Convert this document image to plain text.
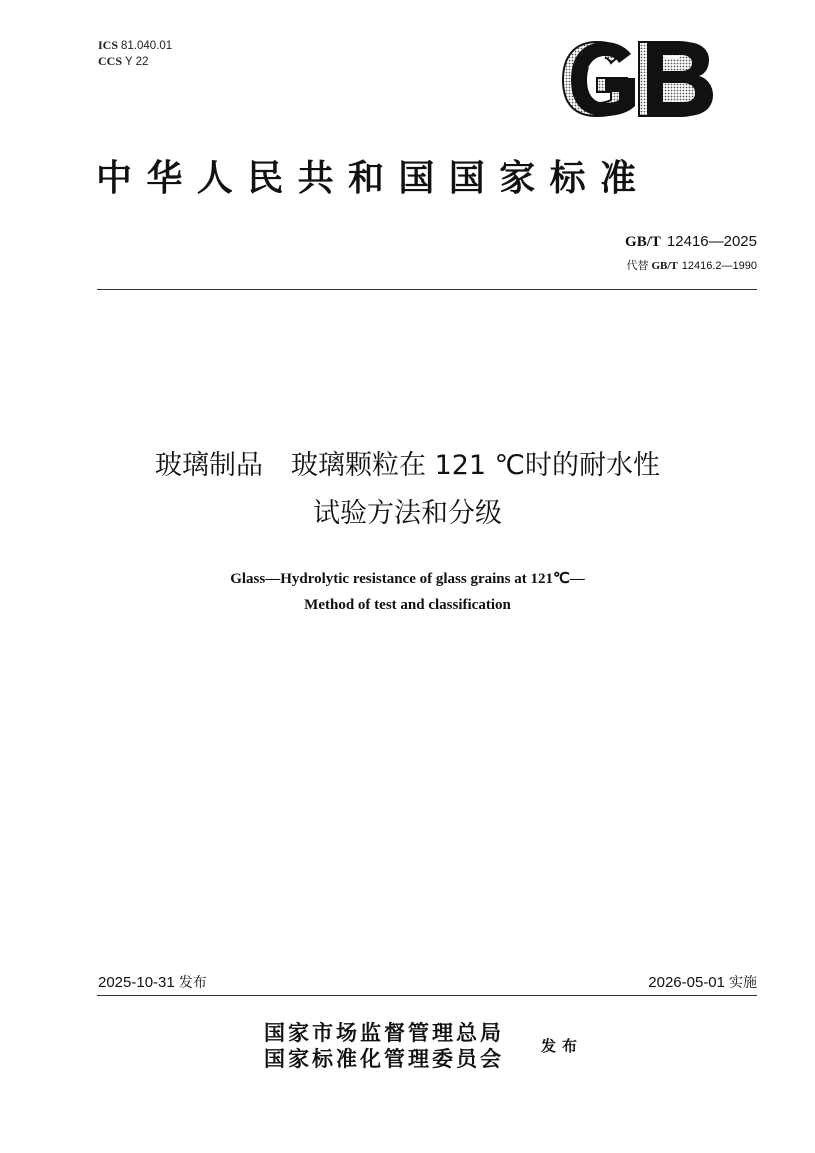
ICS 81.040.01
CCS Y 22
中华人民共和国国家标准
GB/T 12416—2025
代替 GB/T 12416.2—1990
玻璃制品 玻璃颗粒在 121 ℃时的耐水性
试验方法和分级
Glass—Hydrolytic resistance of glass grains at 121℃—
Method of test and classification
2025-10-31 发布	2026-05-01 实施
国家市场监督管理总局
国家标准化管理委员会 发布
